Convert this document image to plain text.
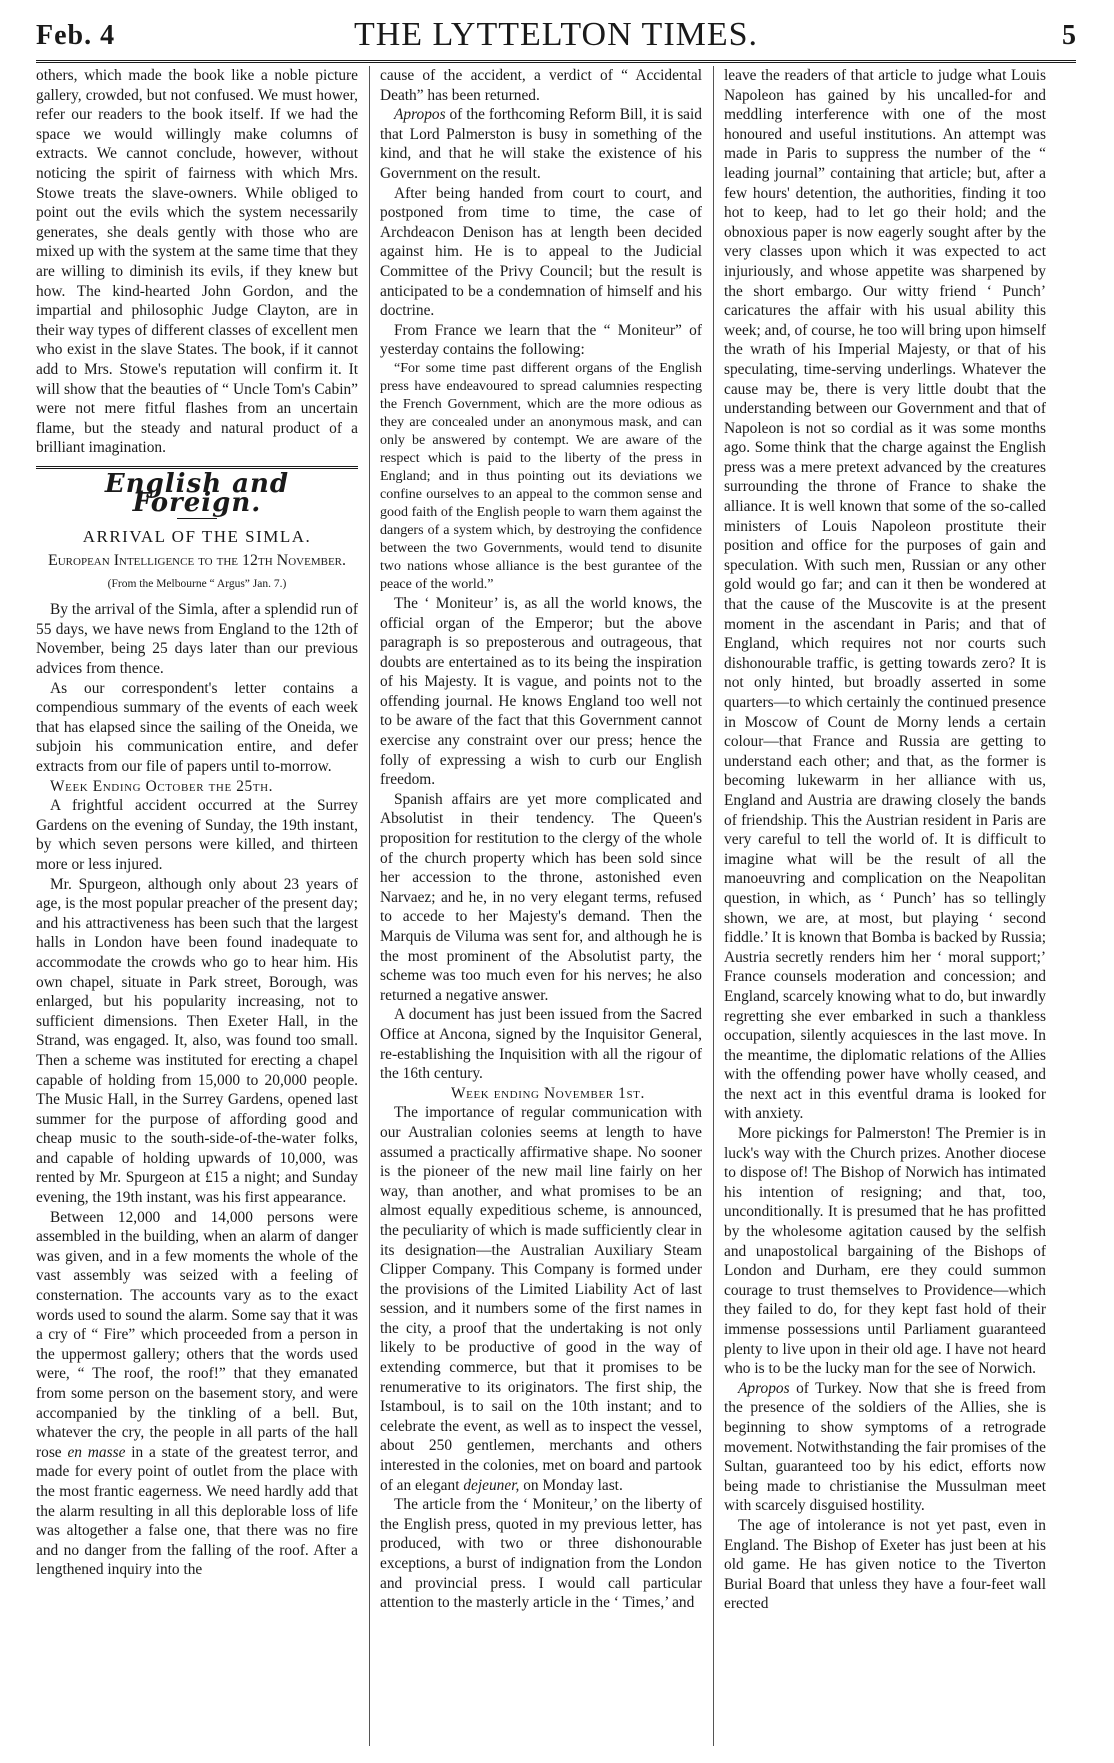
Feb. 4	THE LYTTELTON TIMES.	5

others, which made the book like a noble picture gallery, crowded, but not confused. We must hower, refer our readers to the book itself. If we had the space we would willingly make columns of extracts. We cannot conclude, however, without noticing the spirit of fairness with which Mrs. Stowe treats the slave-owners. While obliged to point out the evils which the system necessarily generates, she deals gently with those who are mixed up with the system at the same time that they are willing to diminish its evils, if they knew but how. The kind-hearted John Gordon, and the impartial and philosophic Judge Clayton, are in their way types of different classes of excellent men who exist in the slave States. The book, if it cannot add to Mrs. Stowe's reputation will confirm it. It will show that the beauties of “ Uncle Tom's Cabin” were not mere fitful flashes from an uncertain flame, but the steady and natural product of a brilliant imagination.

English and Foreign.
ARRIVAL OF THE SIMLA.
European Intelligence to the 12th November.
(From the Melbourne “ Argus” Jan. 7.)

By the arrival of the Simla, after a splendid run of 55 days, we have news from England to the 12th of November, being 25 days later than our previous advices from thence.

As our correspondent's letter contains a compendious summary of the events of each week that has elapsed since the sailing of the Oneida, we subjoin his communication entire, and defer extracts from our file of papers until to-morrow.

Week Ending October the 25th.

A frightful accident occurred at the Surrey Gardens on the evening of Sunday, the 19th instant, by which seven persons were killed, and thirteen more or less injured.

Mr. Spurgeon, although only about 23 years of age, is the most popular preacher of the present day; and his attractiveness has been such that the largest halls in London have been found inadequate to accommodate the crowds who go to hear him. His own chapel, situate in Park street, Borough, was enlarged, but his popularity increasing, not to sufficient dimensions. Then Exeter Hall, in the Strand, was engaged. It, also, was found too small. Then a scheme was instituted for erecting a chapel capable of holding from 15,000 to 20,000 people. The Music Hall, in the Surrey Gardens, opened last summer for the purpose of affording good and cheap music to the south-side-of-the-water folks, and capable of holding upwards of 10,000, was rented by Mr. Spurgeon at £15 a night; and Sunday evening, the 19th instant, was his first appearance.

Between 12,000 and 14,000 persons were assembled in the building, when an alarm of danger was given, and in a few moments the whole of the vast assembly was seized with a feeling of consternation. The accounts vary as to the exact words used to sound the alarm. Some say that it was a cry of “ Fire” which proceeded from a person in the uppermost gallery; others that the words used were, “ The roof, the roof!” that they emanated from some person on the basement story, and were accompanied by the tinkling of a bell. But, whatever the cry, the people in all parts of the hall rose en masse in a state of the greatest terror, and made for every point of outlet from the place with the most frantic eagerness. We need hardly add that the alarm resulting in all this deplorable loss of life was altogether a false one, that there was no fire and no danger from the falling of the roof. After a lengthened inquiry into the

cause of the accident, a verdict of “ Accidental Death” has been returned.

Apropos of the forthcoming Reform Bill, it is said that Lord Palmerston is busy in something of the kind, and that he will stake the existence of his Government on the result.

After being handed from court to court, and postponed from time to time, the case of Archdeacon Denison has at length been decided against him. He is to appeal to the Judicial Committee of the Privy Council; but the result is anticipated to be a condemnation of himself and his doctrine.

From France we learn that the “ Moniteur” of yesterday contains the following:

“For some time past different organs of the English press have endeavoured to spread calumnies respecting the French Government, which are the more odious as they are concealed under an anonymous mask, and can only be answered by contempt. We are aware of the respect which is paid to the liberty of the press in England; and in thus pointing out its deviations we confine ourselves to an appeal to the common sense and good faith of the English people to warn them against the dangers of a system which, by destroying the confidence between the two Governments, would tend to disunite two nations whose alliance is the best gurantee of the peace of the world.”

The ‘ Moniteur’ is, as all the world knows, the official organ of the Emperor; but the above paragraph is so preposterous and outrageous, that doubts are entertained as to its being the inspiration of his Majesty. It is vague, and points not to the offending journal. He knows England too well not to be aware of the fact that this Government cannot exercise any constraint over our press; hence the folly of expressing a wish to curb our English freedom.

Spanish affairs are yet more complicated and Absolutist in their tendency. The Queen's proposition for restitution to the clergy of the whole of the church property which has been sold since her accession to the throne, astonished even Narvaez; and he, in no very elegant terms, refused to accede to her Majesty's demand. Then the Marquis de Viluma was sent for, and although he is the most prominent of the Absolutist party, the scheme was too much even for his nerves; he also returned a negative answer.

A document has just been issued from the Sacred Office at Ancona, signed by the Inquisitor General, re-establishing the Inquisition with all the rigour of the 16th century.

Week ending November 1st.

The importance of regular communication with our Australian colonies seems at length to have assumed a practically affirmative shape. No sooner is the pioneer of the new mail line fairly on her way, than another, and what promises to be an almost equally expeditious scheme, is announced, the peculiarity of which is made sufficiently clear in its designation—the Australian Auxiliary Steam Clipper Company. This Company is formed under the provisions of the Limited Liability Act of last session, and it numbers some of the first names in the city, a proof that the undertaking is not only likely to be productive of good in the way of extending commerce, but that it promises to be renumerative to its originators. The first ship, the Istamboul, is to sail on the 10th instant; and to celebrate the event, as well as to inspect the vessel, about 250 gentlemen, merchants and others interested in the colonies, met on board and partook of an elegant dejeuner, on Monday last.

The article from the ‘ Moniteur,’ on the liberty of the English press, quoted in my previous letter, has produced, with two or three dishonourable exceptions, a burst of indignation from the London and provincial press. I would call particular attention to the masterly article in the ‘ Times,’ and

leave the readers of that article to judge what Louis Napoleon has gained by his uncalled-for and meddling interference with one of the most honoured and useful institutions. An attempt was made in Paris to suppress the number of the “ leading journal” containing that article; but, after a few hours' detention, the authorities, finding it too hot to keep, had to let go their hold; and the obnoxious paper is now eagerly sought after by the very classes upon which it was expected to act injuriously, and whose appetite was sharpened by the short embargo. Our witty friend ‘ Punch’ caricatures the affair with his usual ability this week; and, of course, he too will bring upon himself the wrath of his Imperial Majesty, or that of his speculating, time-serving underlings. Whatever the cause may be, there is very little doubt that the understanding between our Government and that of Napoleon is not so cordial as it was some months ago. Some think that the charge against the English press was a mere pretext advanced by the creatures surrounding the throne of France to shake the alliance. It is well known that some of the so-called ministers of Louis Napoleon prostitute their position and office for the purposes of gain and speculation. With such men, Russian or any other gold would go far; and can it then be wondered at that the cause of the Muscovite is at the present moment in the ascendant in Paris; and that of England, which requires not nor courts such dishonourable traffic, is getting towards zero? It is not only hinted, but broadly asserted in some quarters—to which certainly the continued presence in Moscow of Count de Morny lends a certain colour—that France and Russia are getting to understand each other; and that, as the former is becoming lukewarm in her alliance with us, England and Austria are drawing closely the bands of friendship. This the Austrian resident in Paris are very careful to tell the world of. It is difficult to imagine what will be the result of all the manoeuvring and complication on the Neapolitan question, in which, as ‘ Punch’ has so tellingly shown, we are, at most, but playing ‘ second fiddle.’ It is known that Bomba is backed by Russia; Austria secretly renders him her ‘ moral support;’ France counsels moderation and concession; and England, scarcely knowing what to do, but inwardly regretting she ever embarked in such a thankless occupation, silently acquiesces in the last move. In the meantime, the diplomatic relations of the Allies with the offending power have wholly ceased, and the next act in this eventful drama is looked for with anxiety.

More pickings for Palmerston! The Premier is in luck's way with the Church prizes. Another diocese to dispose of! The Bishop of Norwich has intimated his intention of resigning; and that, too, unconditionally. It is presumed that he has profitted by the wholesome agitation caused by the selfish and unapostolical bargaining of the Bishops of London and Durham, ere they could summon courage to trust themselves to Providence—which they failed to do, for they kept fast hold of their immense possessions until Parliament guaranteed plenty to live upon in their old age. I have not heard who is to be the lucky man for the see of Norwich.

Apropos of Turkey. Now that she is freed from the presence of the soldiers of the Allies, she is beginning to show symptoms of a retrograde movement. Notwithstanding the fair promises of the Sultan, guaranteed too by his edict, efforts now being made to christianise the Mussulman meet with scarcely disguised hostility.

The age of intolerance is not yet past, even in England. The Bishop of Exeter has just been at his old game. He has given notice to the Tiverton Burial Board that unless they have a four-feet wall erected
